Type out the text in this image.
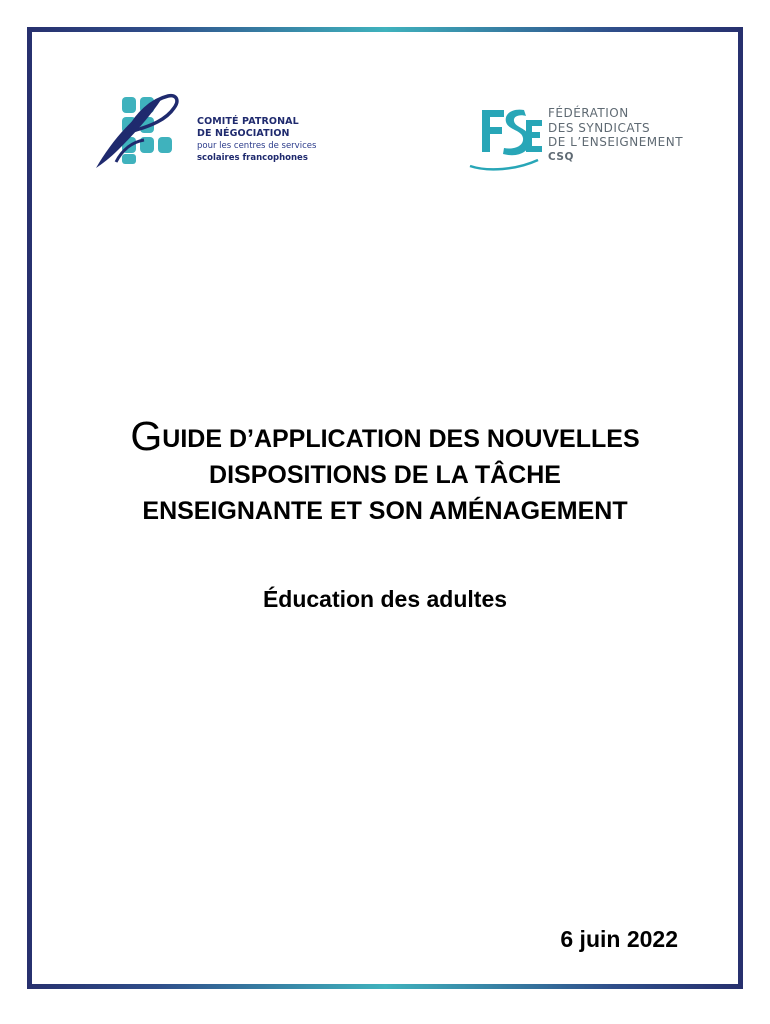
COMITÉ PATRONAL
DE NÉGOCIATION
pour les centres de services
scolaires francophones
FÉDÉRATION
DES SYNDICATS
DE L’ENSEIGNEMENT
CSQ
GUIDE D’APPLICATION DES NOUVELLES
DISPOSITIONS DE LA TÂCHE
ENSEIGNANTE ET SON AMÉNAGEMENT
Éducation des adultes
6 juin 2022
